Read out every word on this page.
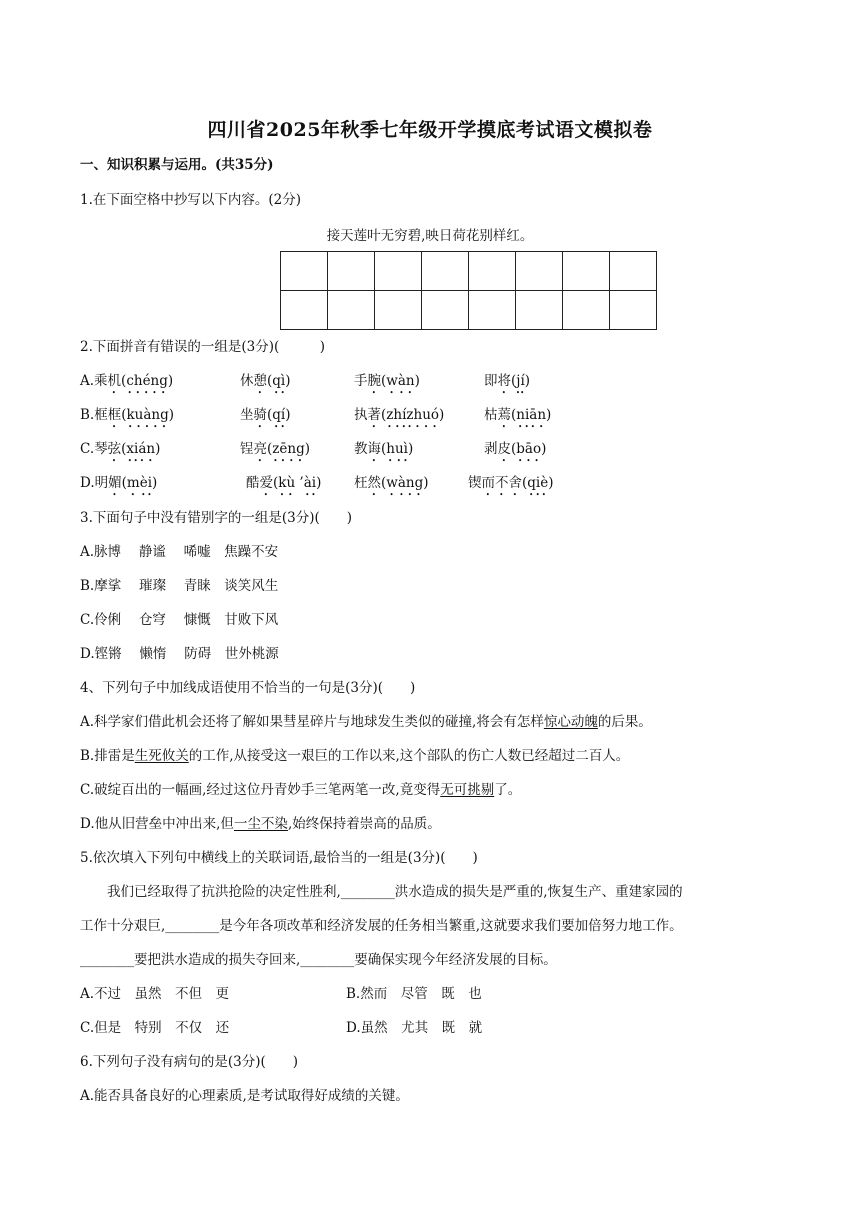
四川省2025年秋季七年级开学摸底考试语文模拟卷
一、知识积累与运用。(共35分)
1.在下面空格中抄写以下内容。(2分)
接天莲叶无穷碧,映日荷花别样红。

2.下面拼音有错误的一组是(3分)(　　　)
A.乘机(chéng)	休憩(qì)	手腕(wàn)	即将(jí)
B.框框(kuàng)	坐骑(qí)	执著(zhízhuó)	枯蔫(niān)
C.琴弦(xián)	锃亮(zēng)	教诲(huì)	剥皮(bāo)
D.明媚(mèi)	酷爱(kù ’ài) 枉然(wàng)	锲而不舍(qiè)
3.下面句子中没有错别字的一组是(3分)(　　)
A.脉博　 静谧　 唏嘘　焦躁不安
B.摩挲　 璀璨　 青睐　谈笑风生
C.伶俐　 仓穹　 慷慨　甘败下风
D.铿锵　 懒惰　 防碍　世外桃源
4、下列句子中加线成语使用不恰当的一句是(3分)(　　)
A.科学家们借此机会还将了解如果彗星碎片与地球发生类似的碰撞,将会有怎样惊心动魄的后果。
B.排雷是生死攸关的工作,从接受这一艰巨的工作以来,这个部队的伤亡人数已经超过二百人。
C.破绽百出的一幅画,经过这位丹青妙手三笔两笔一改,竟变得无可挑剔了。
D.他从旧营垒中冲出来,但一尘不染,始终保持着崇高的品质。
5.依次填入下列句中横线上的关联词语,最恰当的一组是(3分)(　　)
　　我们已经取得了抗洪抢险的决定性胜利,________洪水造成的损失是严重的,恢复生产、重建家园的
工作十分艰巨,________是今年各项改革和经济发展的任务相当繁重,这就要求我们要加倍努力地工作。
________要把洪水造成的损失夺回来,________要确保实现今年经济发展的目标。
A.不过　虽然　不但　更	B.然而　尽管　既　也
C.但是　特别　不仅　还	D.虽然　尤其　既　就
6.下列句子没有病句的是(3分)(　　)
A.能否具备良好的心理素质,是考试取得好成绩的关键。
